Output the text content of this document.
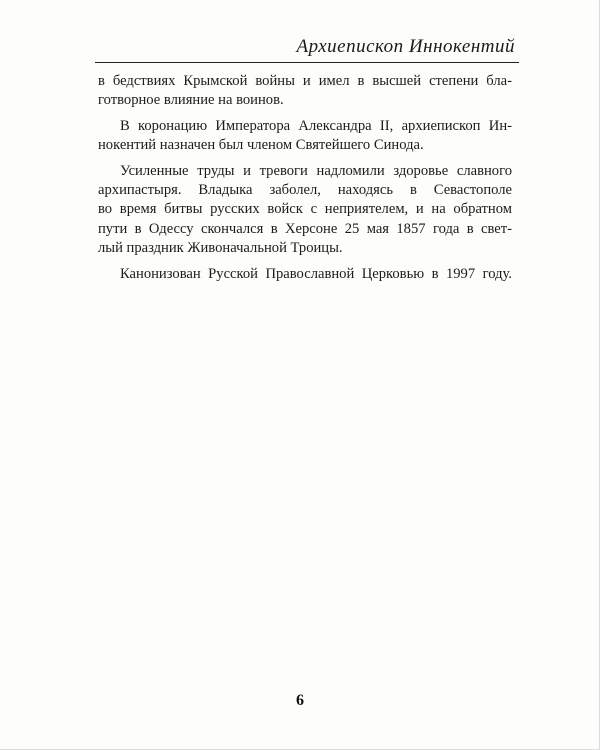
Архиепископ Иннокентий
в бедствиях Крымской войны и имел в высшей степени бла-
готворное влияние на воинов.
В коронацию Императора Александра II, архиепископ Ин-
нокентий назначен был членом Святейшего Синода.
Усиленные труды и тревоги надломили здоровье славного
архипастыря. Владыка заболел, находясь в Севастополе
во время битвы русских войск с неприятелем, и на обратном
пути в Одессу скончался в Херсоне 25 мая 1857 года в свет-
лый праздник Живоначальной Троицы.
Канонизован Русской Православной Церковью в 1997 году.
6
